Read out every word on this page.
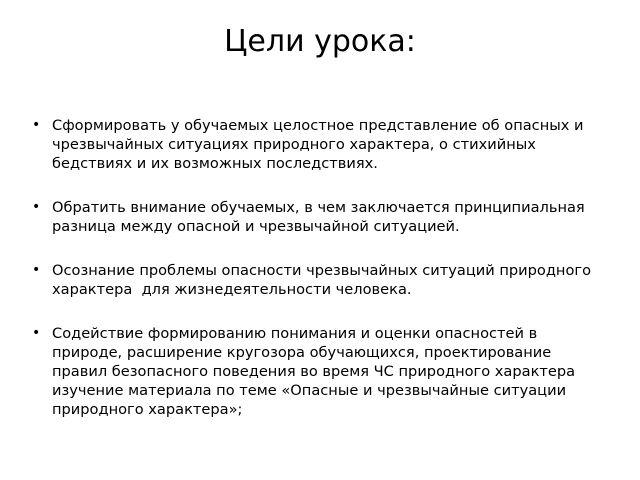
Цели урока:
• Сформировать у обучаемых целостное представление об опасных и чрезвычайных ситуациях природного характера, о стихийных бедствиях и их возможных последствиях.
• Обратить внимание обучаемых, в чем заключается принципиальная разница между опасной и чрезвычайной ситуацией.
• Осознание проблемы опасности чрезвычайных ситуаций природного характера  для жизнедеятельности человека.
• Содействие формированию понимания и оценки опасностей в природе, расширение кругозора обучающихся, проектирование  правил безопасного поведения во время ЧС природного характера изучение материала по теме «Опасные и чрезвычайные ситуации природного характера»;
